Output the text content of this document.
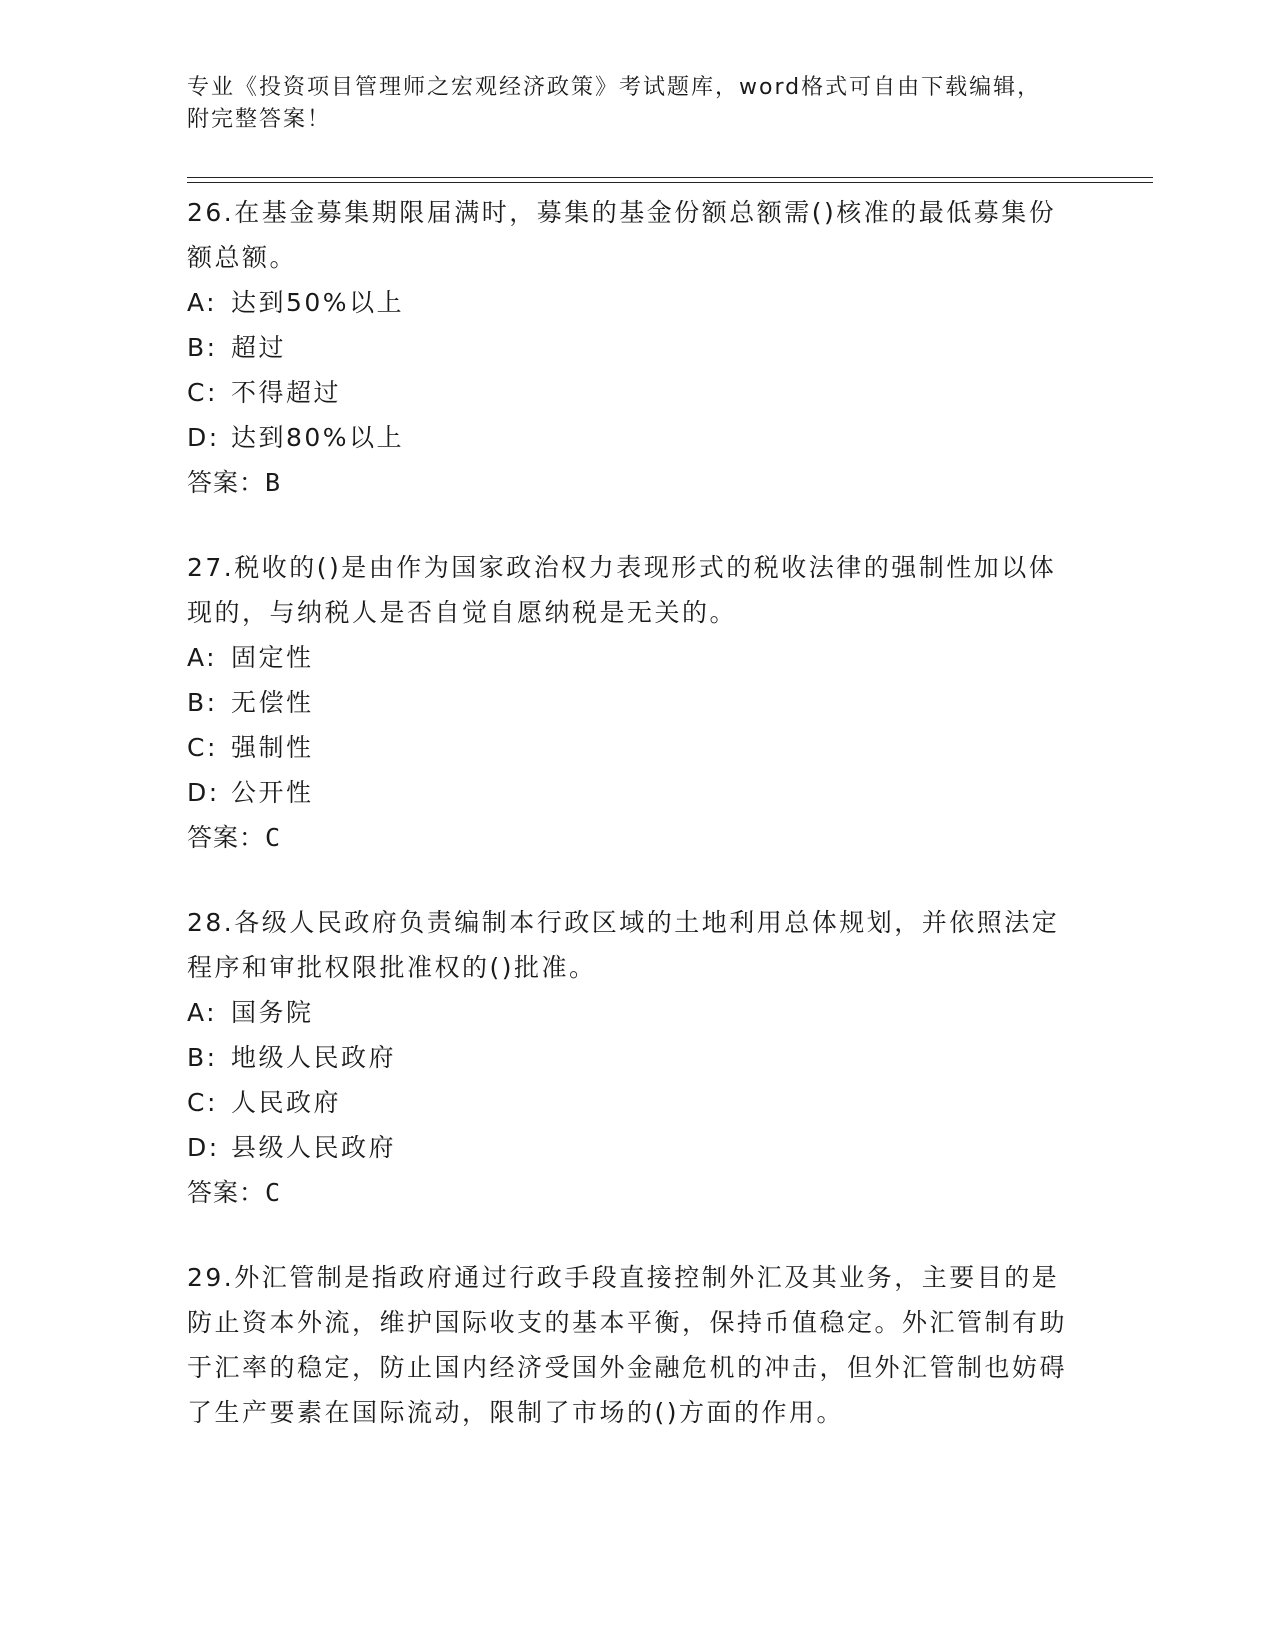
专业《投资项目管理师之宏观经济政策》考试题库，word格式可自由下载编辑，
附完整答案！

26.在基金募集期限届满时，募集的基金份额总额需()核准的最低募集份额总额。

A: 达到50%以上

B: 超过

C: 不得超过

D: 达到80%以上

答案：B

27.税收的()是由作为国家政治权力表现形式的税收法律的强制性加以体现的，与纳税人是否自觉自愿纳税是无关的。

A: 固定性

B: 无偿性

C: 强制性

D: 公开性

答案：C

28.各级人民政府负责编制本行政区域的土地利用总体规划，并依照法定程序和审批权限批准权的()批准。

A: 国务院

B: 地级人民政府

C: 人民政府

D: 县级人民政府

答案：C

29.外汇管制是指政府通过行政手段直接控制外汇及其业务，主要目的是防止资本外流，维护国际收支的基本平衡，保持币值稳定。外汇管制有助于汇率的稳定，防止国内经济受国外金融危机的冲击，但外汇管制也妨碍了生产要素在国际流动，限制了市场的()方面的作用。
